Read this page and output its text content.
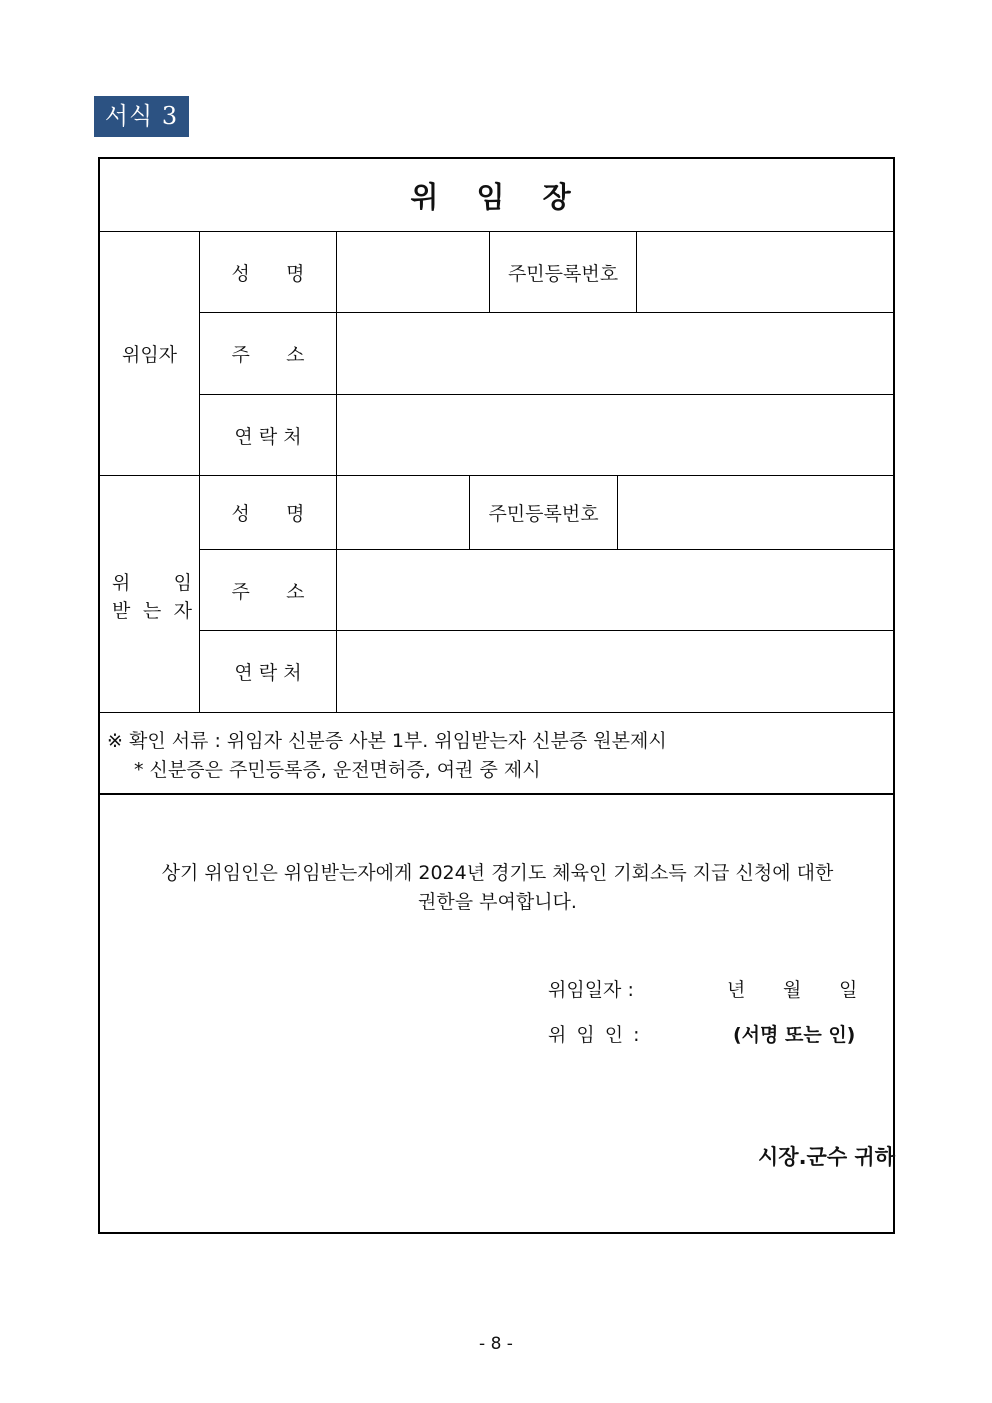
서식 3
위 임 장
위임자
성      명	주민등록번호
주      소
연 락 처
위 임
받 는 자
성      명	주민등록번호
주      소
연 락 처
※ 확인 서류 : 위임자 신분증 사본 1부. 위임받는자 신분증 원본제시
* 신분증은 주민등록증, 운전면허증, 여권 중 제시
상기 위임인은 위임받는자에게 2024년 경기도 체육인 기회소득 지급 신청에 대한
권한을 부여합니다.
위임일자 :	년 월 일
위 임 인 :	(서명 또는 인)
시장.군수 귀하
- 8 -
